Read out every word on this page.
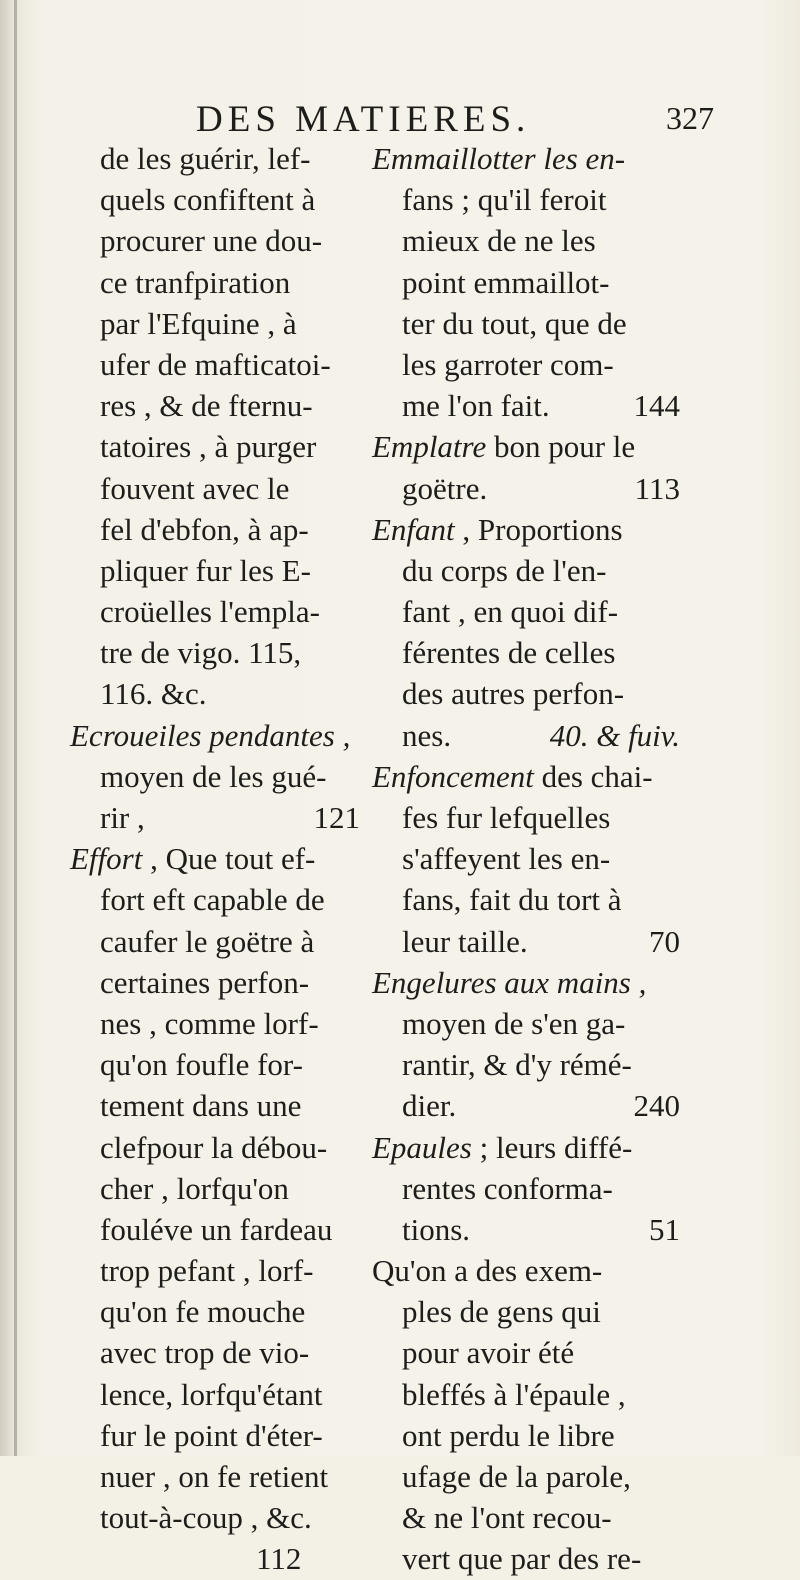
DES MATIERES.	327
de les guérir, lef-
quels confiftent à
procurer une dou-
ce tranfpiration
par l'Efquine , à
ufer de mafticatoi-
res , & de fternu-
tatoires , à purger
fouvent avec le
fel d'ebfon, à ap-
pliquer fur les E-
croüelles l'empla-
tre de vigo. 115,
116. &c.
Ecroueiles pendantes ,
moyen de les gué-
rir ,	121
Effort , Que tout ef-
fort eft capable de
caufer le goëtre à
certaines perfon-
nes , comme lorf-
qu'on foufle for-
tement dans une
clefpour la débou-
cher , lorfqu'on
fouléve un fardeau
trop pefant , lorf-
qu'on fe mouche
avec trop de vio-
lence, lorfqu'étant
fur le point d'éter-
nuer , on fe retient
tout-à-coup , &c.
112
Emmaillotter les en-
fans ; qu'il feroit
mieux de ne les
point emmaillot-
ter du tout, que de
les garroter com-
me l'on fait.	144
Emplatre bon pour le
goëtre.	113
Enfant , Proportions
du corps de l'en-
fant , en quoi dif-
férentes de celles
des autres perfon-
nes.	40. & fuiv.
Enfoncement des chai-
fes fur lefquelles
s'affeyent les en-
fans, fait du tort à
leur taille.	70
Engelures aux mains ,
moyen de s'en ga-
rantir, & d'y rémé-
dier.	240
Epaules ; leurs diffé-
rentes conforma-
tions.	51
Qu'on a des exem-
ples de gens qui
pour avoir été
bleffés à l'épaule ,
ont perdu le libre
ufage de la parole,
& ne l'ont recou-
vert que par des re-
